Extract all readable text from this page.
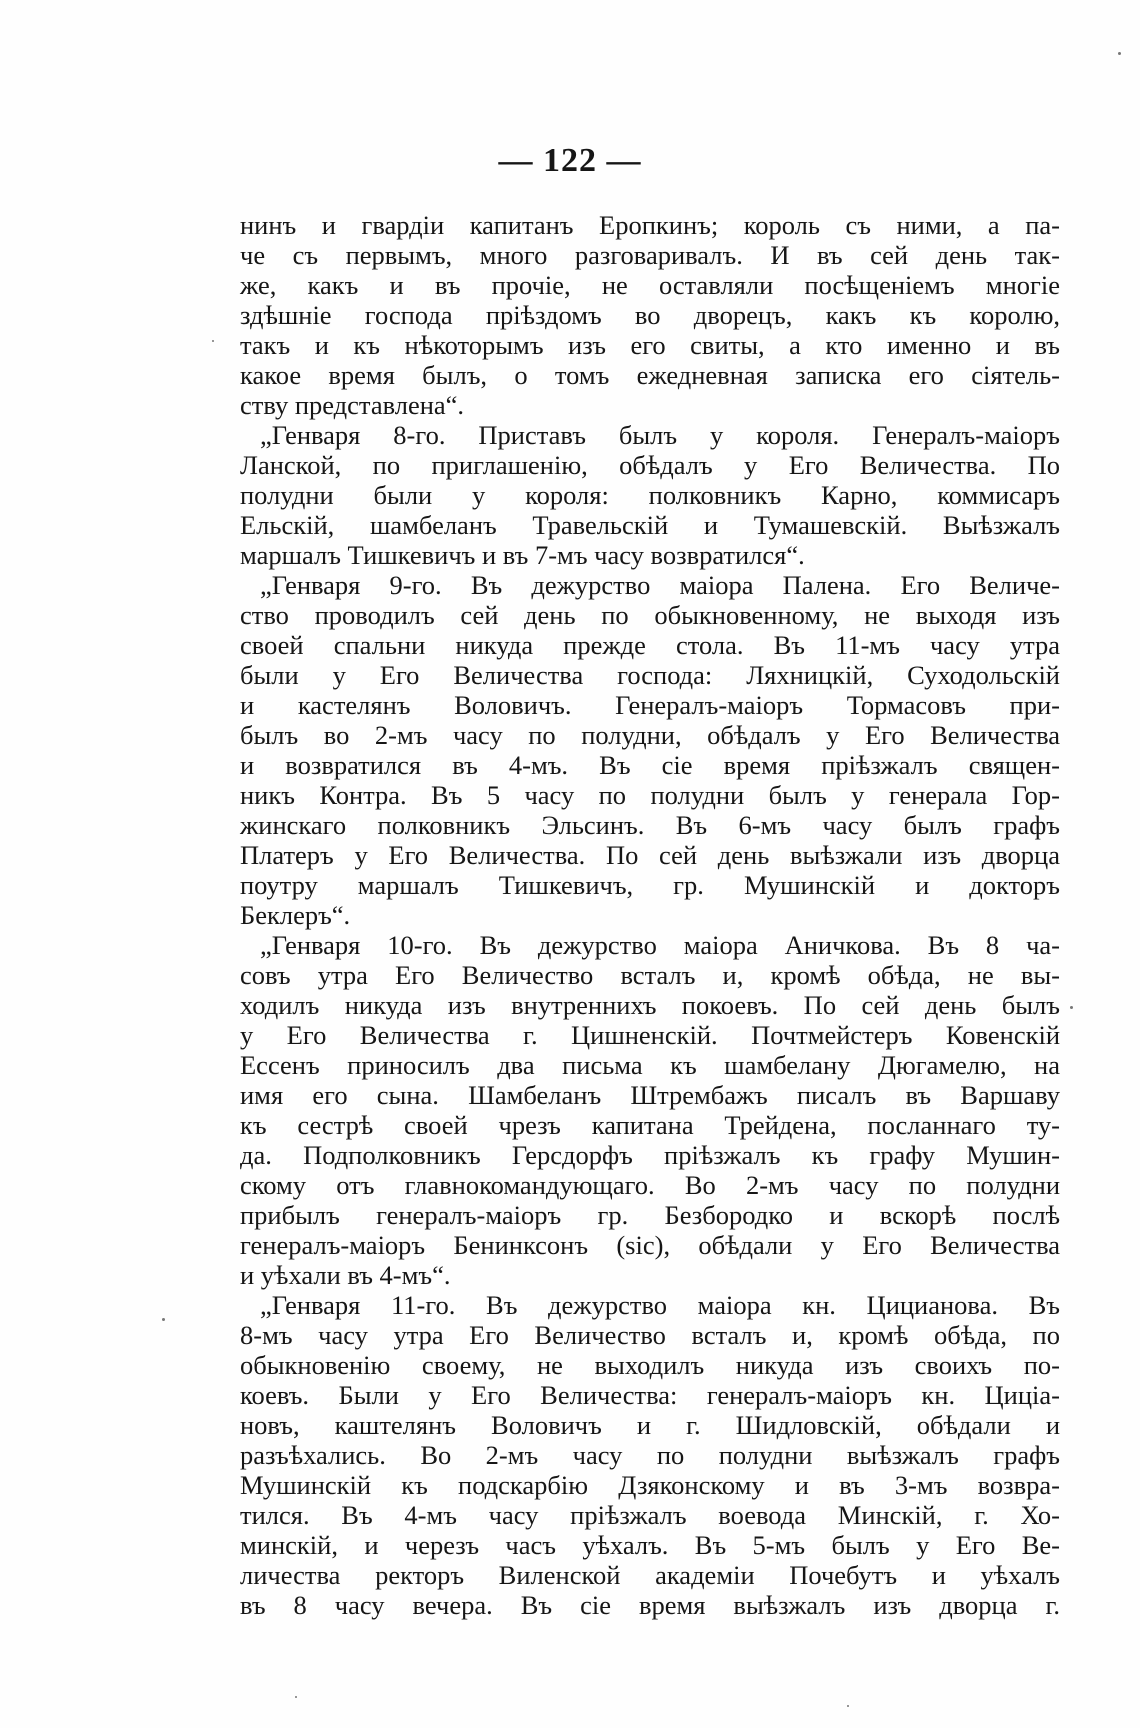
— 122 —
нинъ и гвардіи капитанъ Еропкинъ; король съ ними, а па-
че съ первымъ, много разговаривалъ. И въ сей день так-
же, какъ и въ прочіе, не оставляли посѣщеніемъ многіе
здѣшніе господа пріѣздомъ во дворецъ, какъ къ королю,
такъ и къ нѣкоторымъ изъ его свиты, а кто именно и въ
какое время былъ, о томъ ежедневная записка его сіятель-
ству представлена“.
„Генваря 8-го. Приставъ былъ у короля. Генералъ-маіоръ
Ланской, по приглашенію, обѣдалъ у Его Величества. По
полудни были у короля: полковникъ Карно, коммисаръ
Ельскій, шамбеланъ Травельскій и Тумашевскій. Выѣзжалъ
маршалъ Тишкевичъ и въ 7-мъ часу возвратился“.
„Генваря 9-го. Въ дежурство маіора Палена. Его Величе-
ство проводилъ сей день по обыкновенному, не выходя изъ
своей спальни никуда прежде стола. Въ 11-мъ часу утра
были у Его Величества господа: Ляхницкій, Суходольскій
и кастелянъ Воловичъ. Генералъ-маіоръ Тормасовъ при-
былъ во 2-мъ часу по полудни, обѣдалъ у Его Величества
и возвратился въ 4-мъ. Въ сіе время пріѣзжалъ священ-
никъ Контра. Въ 5 часу по полудни былъ у генерала Гор-
жинскаго полковникъ Эльсинъ. Въ 6-мъ часу былъ графъ
Платеръ у Его Величества. По сей день выѣзжали изъ дворца
поутру маршалъ Тишкевичъ, гр. Мушинскій и докторъ
Беклеръ“.
„Генваря 10-го. Въ дежурство маіора Аничкова. Въ 8 ча-
совъ утра Его Величество всталъ и, кромѣ обѣда, не вы-
ходилъ никуда изъ внутреннихъ покоевъ. По сей день былъ
у Его Величества г. Цишненскій. Почтмейстеръ Ковенскій
Ессенъ приносилъ два письма къ шамбелану Дюгамелю, на
имя его сына. Шамбеланъ Штрембажъ писалъ въ Варшаву
къ сестрѣ своей чрезъ капитана Трейдена, посланнаго ту-
да. Подполковникъ Герсдорфъ пріѣзжалъ къ графу Мушин-
скому отъ главнокомандующаго. Во 2-мъ часу по полудни
прибылъ генералъ-маіоръ гр. Безбородко и вскорѣ послѣ
генералъ-маіоръ Бенинксонъ (sic), обѣдали у Его Величества
и уѣхали въ 4-мъ“.
„Генваря 11-го. Въ дежурство маіора кн. Цицианова. Въ
8-мъ часу утра Его Величество всталъ и, кромѣ обѣда, по
обыкновенію своему, не выходилъ никуда изъ своихъ по-
коевъ. Были у Его Величества: генералъ-маіоръ кн. Циціа-
новъ, каштелянъ Воловичъ и г. Шидловскій, обѣдали и
разъѣхались. Во 2-мъ часу по полудни выѣзжалъ графъ
Мушинскій къ подскарбію Дзяконскому и въ 3-мъ возвра-
тился. Въ 4-мъ часу пріѣзжалъ воевода Минскій, г. Хо-
минскій, и черезъ часъ уѣхалъ. Въ 5-мъ былъ у Его Ве-
личества ректоръ Виленской академіи Почебутъ и уѣхалъ
въ 8 часу вечера. Въ сіе время выѣзжалъ изъ дворца г.
